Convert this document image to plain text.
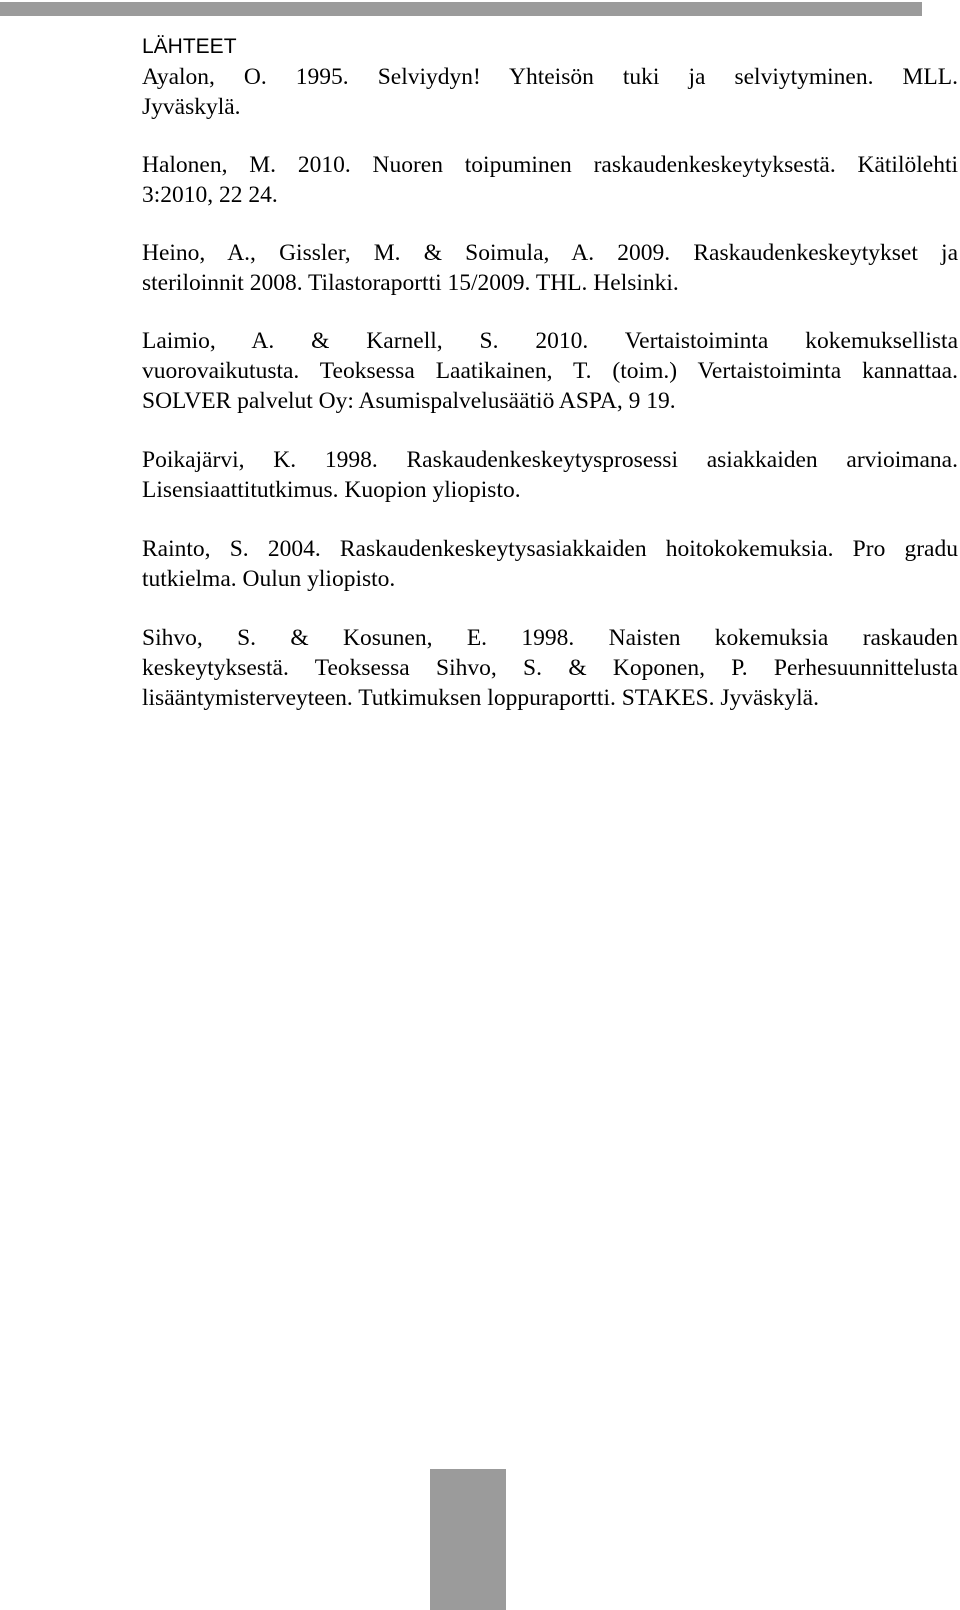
LÄHTEET
Ayalon, O. 1995. Selviydyn! Yhteisön tuki ja selviytyminen. MLL.
Jyväskylä.
Halonen, M. 2010. Nuoren toipuminen raskaudenkeskeytyksestä. Kätilölehti
3:2010, 22 24.
Heino, A., Gissler, M. & Soimula, A. 2009. Raskaudenkeskeytykset ja
steriloinnit 2008. Tilastoraportti 15/2009. THL. Helsinki.
Laimio, A. & Karnell, S. 2010. Vertaistoiminta kokemuksellista
vuorovaikutusta. Teoksessa Laatikainen, T. (toim.) Vertaistoiminta kannattaa.
SOLVER palvelut Oy: Asumispalvelusäätiö ASPA, 9 19.
Poikajärvi, K. 1998. Raskaudenkeskeytysprosessi asiakkaiden arvioimana.
Lisensiaattitutkimus. Kuopion yliopisto.
Rainto, S. 2004. Raskaudenkeskeytysasiakkaiden hoitokokemuksia. Pro gradu
tutkielma. Oulun yliopisto.
Sihvo, S. & Kosunen, E. 1998. Naisten kokemuksia raskauden
keskeytyksestä. Teoksessa Sihvo, S. & Koponen, P. Perhesuunnittelusta
lisääntymisterveyteen. Tutkimuksen loppuraportti. STAKES. Jyväskylä.
